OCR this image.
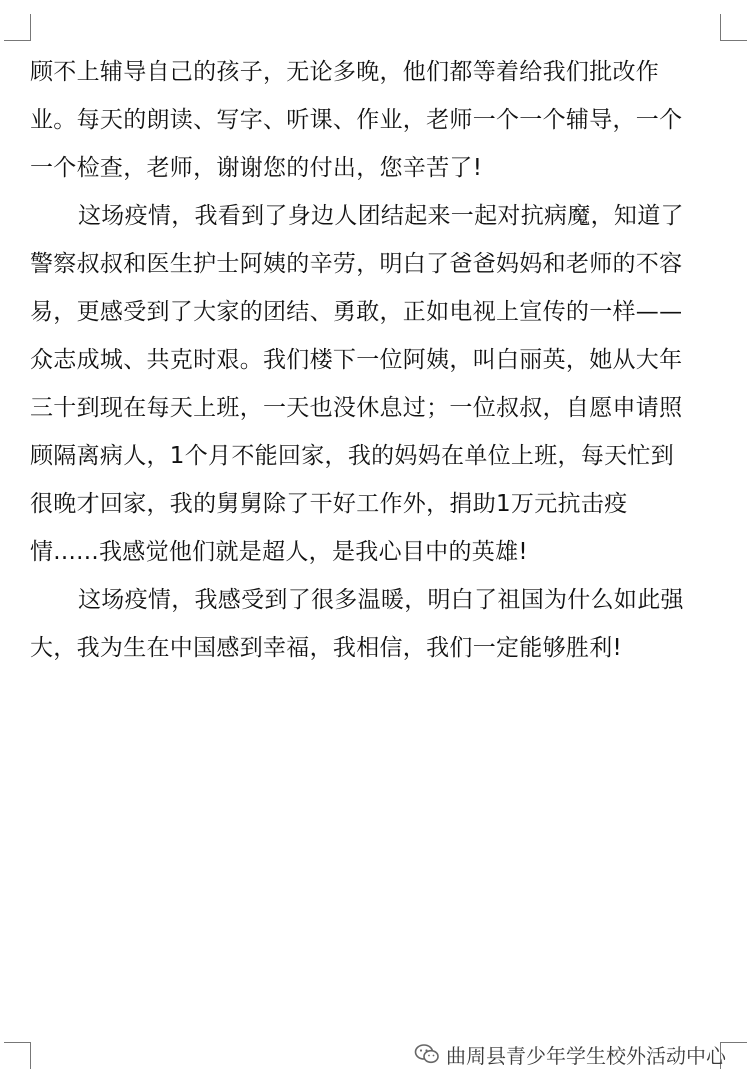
顾不上辅导自己的孩子，无论多晚，他们都等着给我们批改作
业。每天的朗读、写字、听课、作业，老师一个一个辅导，一个
一个检查，老师，谢谢您的付出，您辛苦了!
这场疫情，我看到了身边人团结起来一起对抗病魔，知道了
警察叔叔和医生护士阿姨的辛劳，明白了爸爸妈妈和老师的不容
易，更感受到了大家的团结、勇敢，正如电视上宣传的一样——
众志成城、共克时艰。我们楼下一位阿姨，叫白丽英，她从大年
三十到现在每天上班，一天也没休息过；一位叔叔，自愿申请照
顾隔离病人，1个月不能回家，我的妈妈在单位上班，每天忙到
很晚才回家，我的舅舅除了干好工作外，捐助1万元抗击疫
情......我感觉他们就是超人，是我心目中的英雄!
这场疫情，我感受到了很多温暖，明白了祖国为什么如此强
大，我为生在中国感到幸福，我相信，我们一定能够胜利!
曲周县青少年学生校外活动中心
